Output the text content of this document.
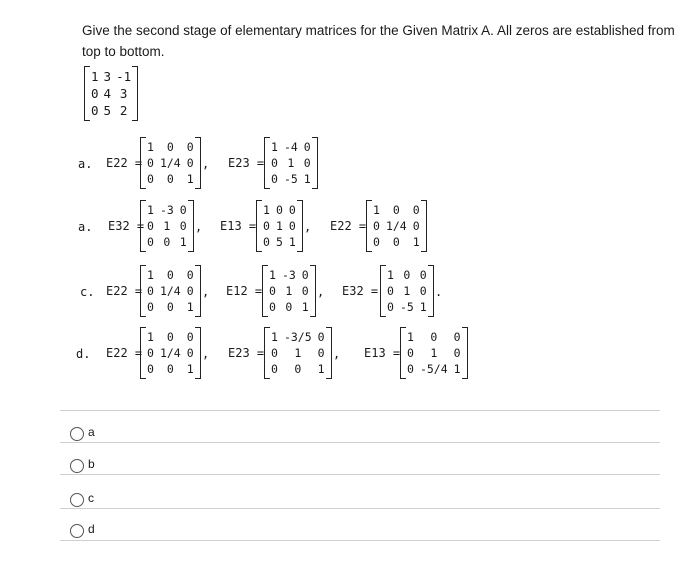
Give the second stage of elementary matrices for the Given Matrix A. All zeros are established from top to bottom.
1 3 -1
0 4 3
0 5 2
a. E22 =
1	0	0
0 1/4 0
0	0	1
E23 =
1 -4 0
0 1 0
0 -5 1
,
a. E32 =
1 -3 0
0 1 0
0 0 1
E13 =
1 0 0
0 1 0
0 5 1
E22 =
1	0	0
0 1/4 0
0	0	1
,	,
c. E22 =
1	0	0
0 1/4 0
0	0	1
E12 =
1 -3 0
0 1 0
0 0 1
E32 =
1 0 0
0 1 0
0 -5 1
,	,	.
d. E22 =
1	0	0
0 1/4 0
0	0	1
E23 =
1 -3/5 0
0	1	0
0	0	1
E13 =
1	0	0
0	1	0
0 -5/4 1
,	,
a
b
c
d
